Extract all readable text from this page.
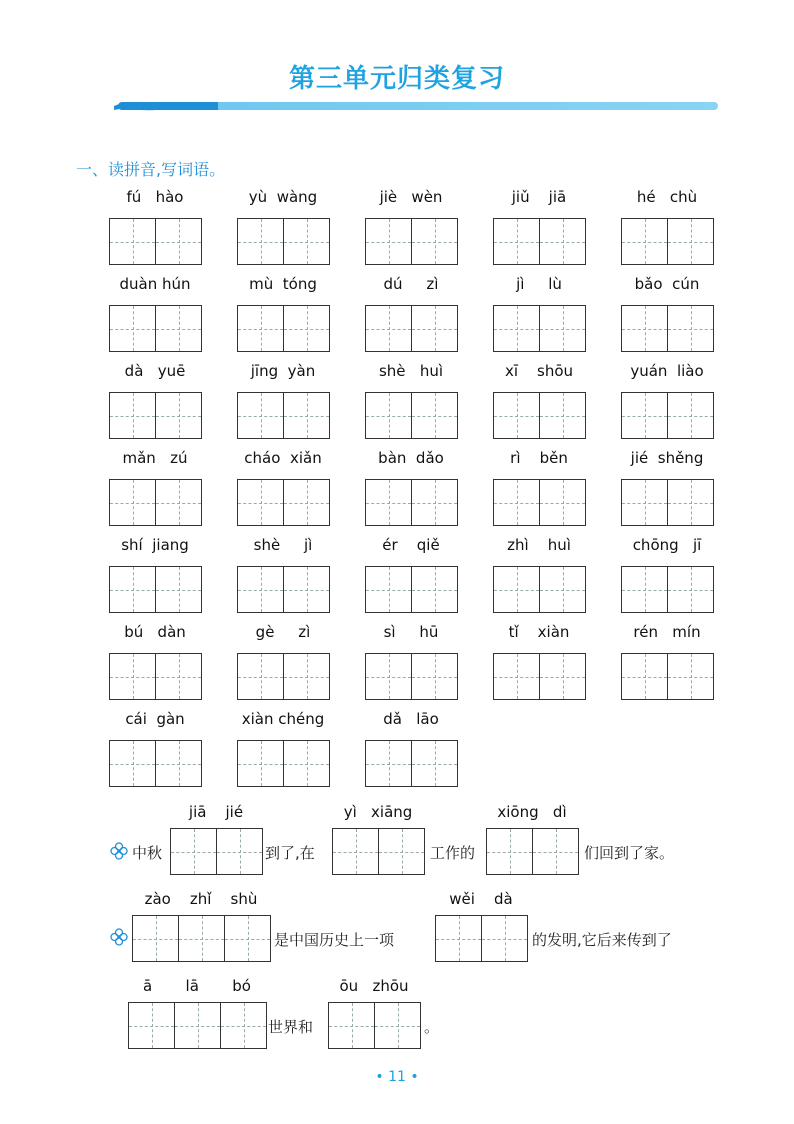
第三单元归类复习
一、读拼音,写词语。
fú   hào	yù  wàng	jiè   wèn	jiǔ    jiā	hé   chù
duàn hún	mù  tóng	dú     zì	jì     lù	bǎo  cún
dà   yuē	jīng  yàn	shè   huì	xī    shōu	yuán  liào
mǎn   zú	cháo  xiǎn	bàn  dǎo	rì    běn	jié  shěng
shí  jiang	shè     jì	ér    qiě	zhì    huì	chōng   jī
bú   dàn	gè     zì	sì     hū	tǐ    xiàn	rén   mín
cái  gàn	xiàn chéng	dǎ   lāo
中秋
jiā    jié
到了,在
yì   xiāng
工作的
xiōng   dì
们回到了家。
zào    zhǐ    shù
是中国历史上一项
wěi    dà
的发明,它后来传到了
ā       lā       bó
世界和
ōu   zhōu
。
• 11 •
